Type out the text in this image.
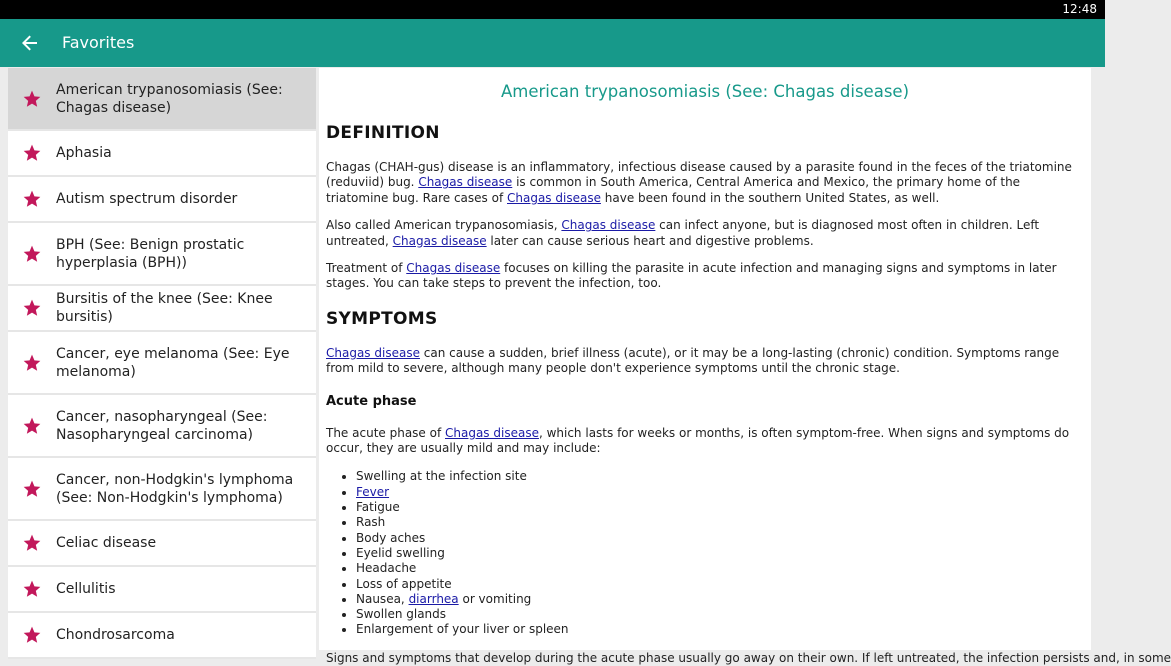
12:48
Favorites
American trypanosomiasis (See: Chagas disease)
Aphasia
Autism spectrum disorder
BPH (See: Benign prostatic hyperplasia (BPH))
Bursitis of the knee (See: Knee bursitis)
Cancer, eye melanoma (See: Eye melanoma)
Cancer, nasopharyngeal (See: Nasopharyngeal carcinoma)
Cancer, non-Hodgkin's lymphoma (See: Non-Hodgkin's lymphoma)
Celiac disease
Cellulitis
Chondrosarcoma
American trypanosomiasis (See: Chagas disease)
DEFINITION

Chagas (CHAH-gus) disease is an inflammatory, infectious disease caused by a parasite found in the feces of the triatomine (reduviid) bug. Chagas disease is common in South America, Central America and Mexico, the primary home of the triatomine bug. Rare cases of Chagas disease have been found in the southern United States, as well.

Also called American trypanosomiasis, Chagas disease can infect anyone, but is diagnosed most often in children. Left untreated, Chagas disease later can cause serious heart and digestive problems.

Treatment of Chagas disease focuses on killing the parasite in acute infection and managing signs and symptoms in later stages. You can take steps to prevent the infection, too.

SYMPTOMS

Chagas disease can cause a sudden, brief illness (acute), or it may be a long-lasting (chronic) condition. Symptoms range from mild to severe, although many people don't experience symptoms until the chronic stage.

Acute phase

The acute phase of Chagas disease, which lasts for weeks or months, is often symptom-free. When signs and symptoms do occur, they are usually mild and may include:

• Swelling at the infection site
• Fever
• Fatigue
• Rash
• Body aches
• Eyelid swelling
• Headache
• Loss of appetite
• Nausea, diarrhea or vomiting
• Swollen glands
• Enlargement of your liver or spleen

Signs and symptoms that develop during the acute phase usually go away on their own. If left untreated, the infection persists and, in some
